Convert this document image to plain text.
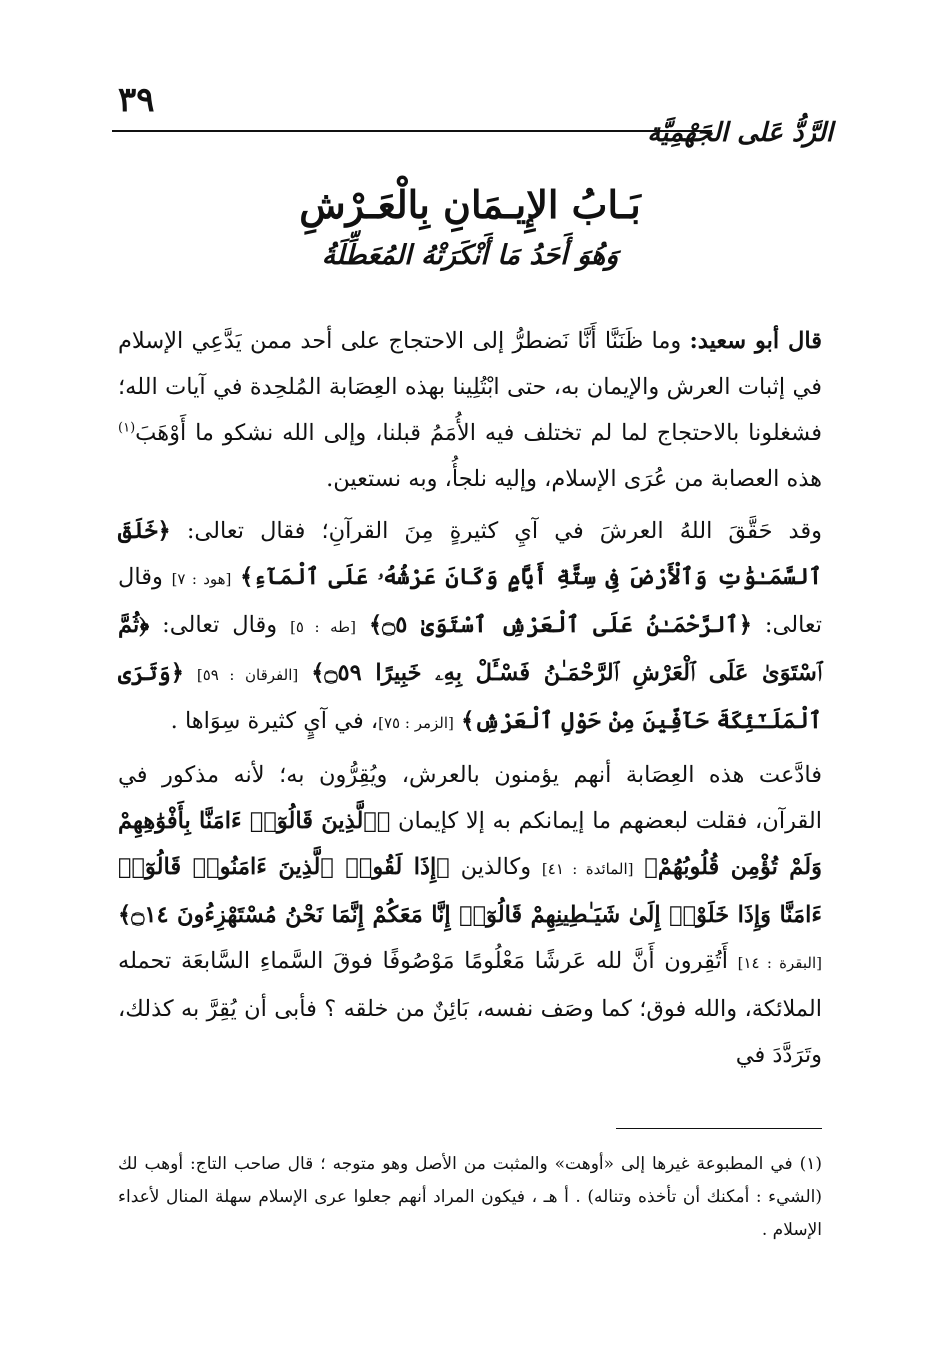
٣٩
الرَّدُّ عَلى الجَهْمِيَّة
بَـابُ الإِيـمَانِ بِالْعَـرْشِ
وَهُوَ أَحَدُ مَا أَنْكَرَتْهُ المُعَطِّلَةُ

قال أبو سعيد: وما ظَنَنَّا أَنَّا نَضطرُّ إلى الاحتجاج على أحد ممن يَدَّعِي الإسلام في إثبات العرش والإيمان به، حتى ابْتُلِينا بهذه العِصَابة المُلحِدة في آيات الله؛ فشغلونا بالاحتجاج لما لم تختلف فيه الأُمَمُ قبلنا، وإلى الله نشكو ما أَوْهَبَ$^{(١)}$ هذه العصابة من عُرَى الإسلام، وإليه نلجأُ، وبه نستعين.

وقد حَقَّقَ اللهُ العرشَ في آيِ كثيرةٍ مِنَ القرآنِ؛ فقال تعالى: ﴿خَلَقَ ٱلسَّمَـٰوَٰتِ وَٱلْأَرْضَ فِى سِتَّةِ أَيَّامٍ وَكَانَ عَرْشُهُۥ عَلَى ٱلْمَآءِ﴾ [هود : ٧] وقال تعالى: ﴿ٱلرَّحْمَـٰنُ عَلَى ٱلْعَرْشِ ٱسْتَوَىٰ ۝٥﴾ [طه : ٥] وقال تعالى: ﴿ثُمَّ ٱسْتَوَىٰ عَلَى ٱلْعَرْشِ ٱلرَّحْمَـٰنُ فَسْـَٔلْ بِهِۦ خَبِيرًا ۝٥٩﴾ [الفرقان : ٥٩] ﴿وَتَرَى ٱلْمَلَـٰٓئِكَةَ حَآفِّينَ مِنْ حَوْلِ ٱلْعَرْشِ﴾ [الزمر : ٧٥]، في آيٍ كثيرة سِوَاها .

فادَّعت هذه العِصَابة أنهم يؤمنون بالعرش، ويُقِرُّون به؛ لأنه مذكور في القرآن، فقلت لبعضهم ما إيمانكم به إلا كإيمان ﴿ٱلَّذِينَ قَالُوٓا۟ ءَامَنَّا بِأَفْوَٰهِهِمْ وَلَمْ تُؤْمِن قُلُوبُهُمْ﴾ [المائدة : ٤١] وكالذين ﴿إِذَا لَقُوا۟ ٱلَّذِينَ ءَامَنُوا۟ قَالُوٓا۟ ءَامَنَّا وَإِذَا خَلَوْا۟ إِلَىٰ شَيَـٰطِينِهِمْ قَالُوٓا۟ إِنَّا مَعَكُمْ إِنَّمَا نَحْنُ مُسْتَهْزِءُونَ ۝١٤﴾ [البقرة : ١٤] أَتُقِرون أَنَّ لله عَرشًا مَعْلُومًا مَوْصُوفًا فوقَ السَّماءِ السَّابعَة تحمله الملائكة، والله فوق؛ كما وصَف نفسه، بَائِنٌ من خلقه ؟ فأبى أن يُقِرَّ به كذلك، وتَرَدَّدَ في

(١) في المطبوعة غيرها إلى «أوهت» والمثبت من الأصل وهو متوجه ؛ قال صاحب التاج: أوهب لك (الشيء : أمكنك أن تأخذه وتناله) . أ هـ ، فيكون المراد أنهم جعلوا عرى الإسلام سهلة المنال لأعداء الإسلام .
